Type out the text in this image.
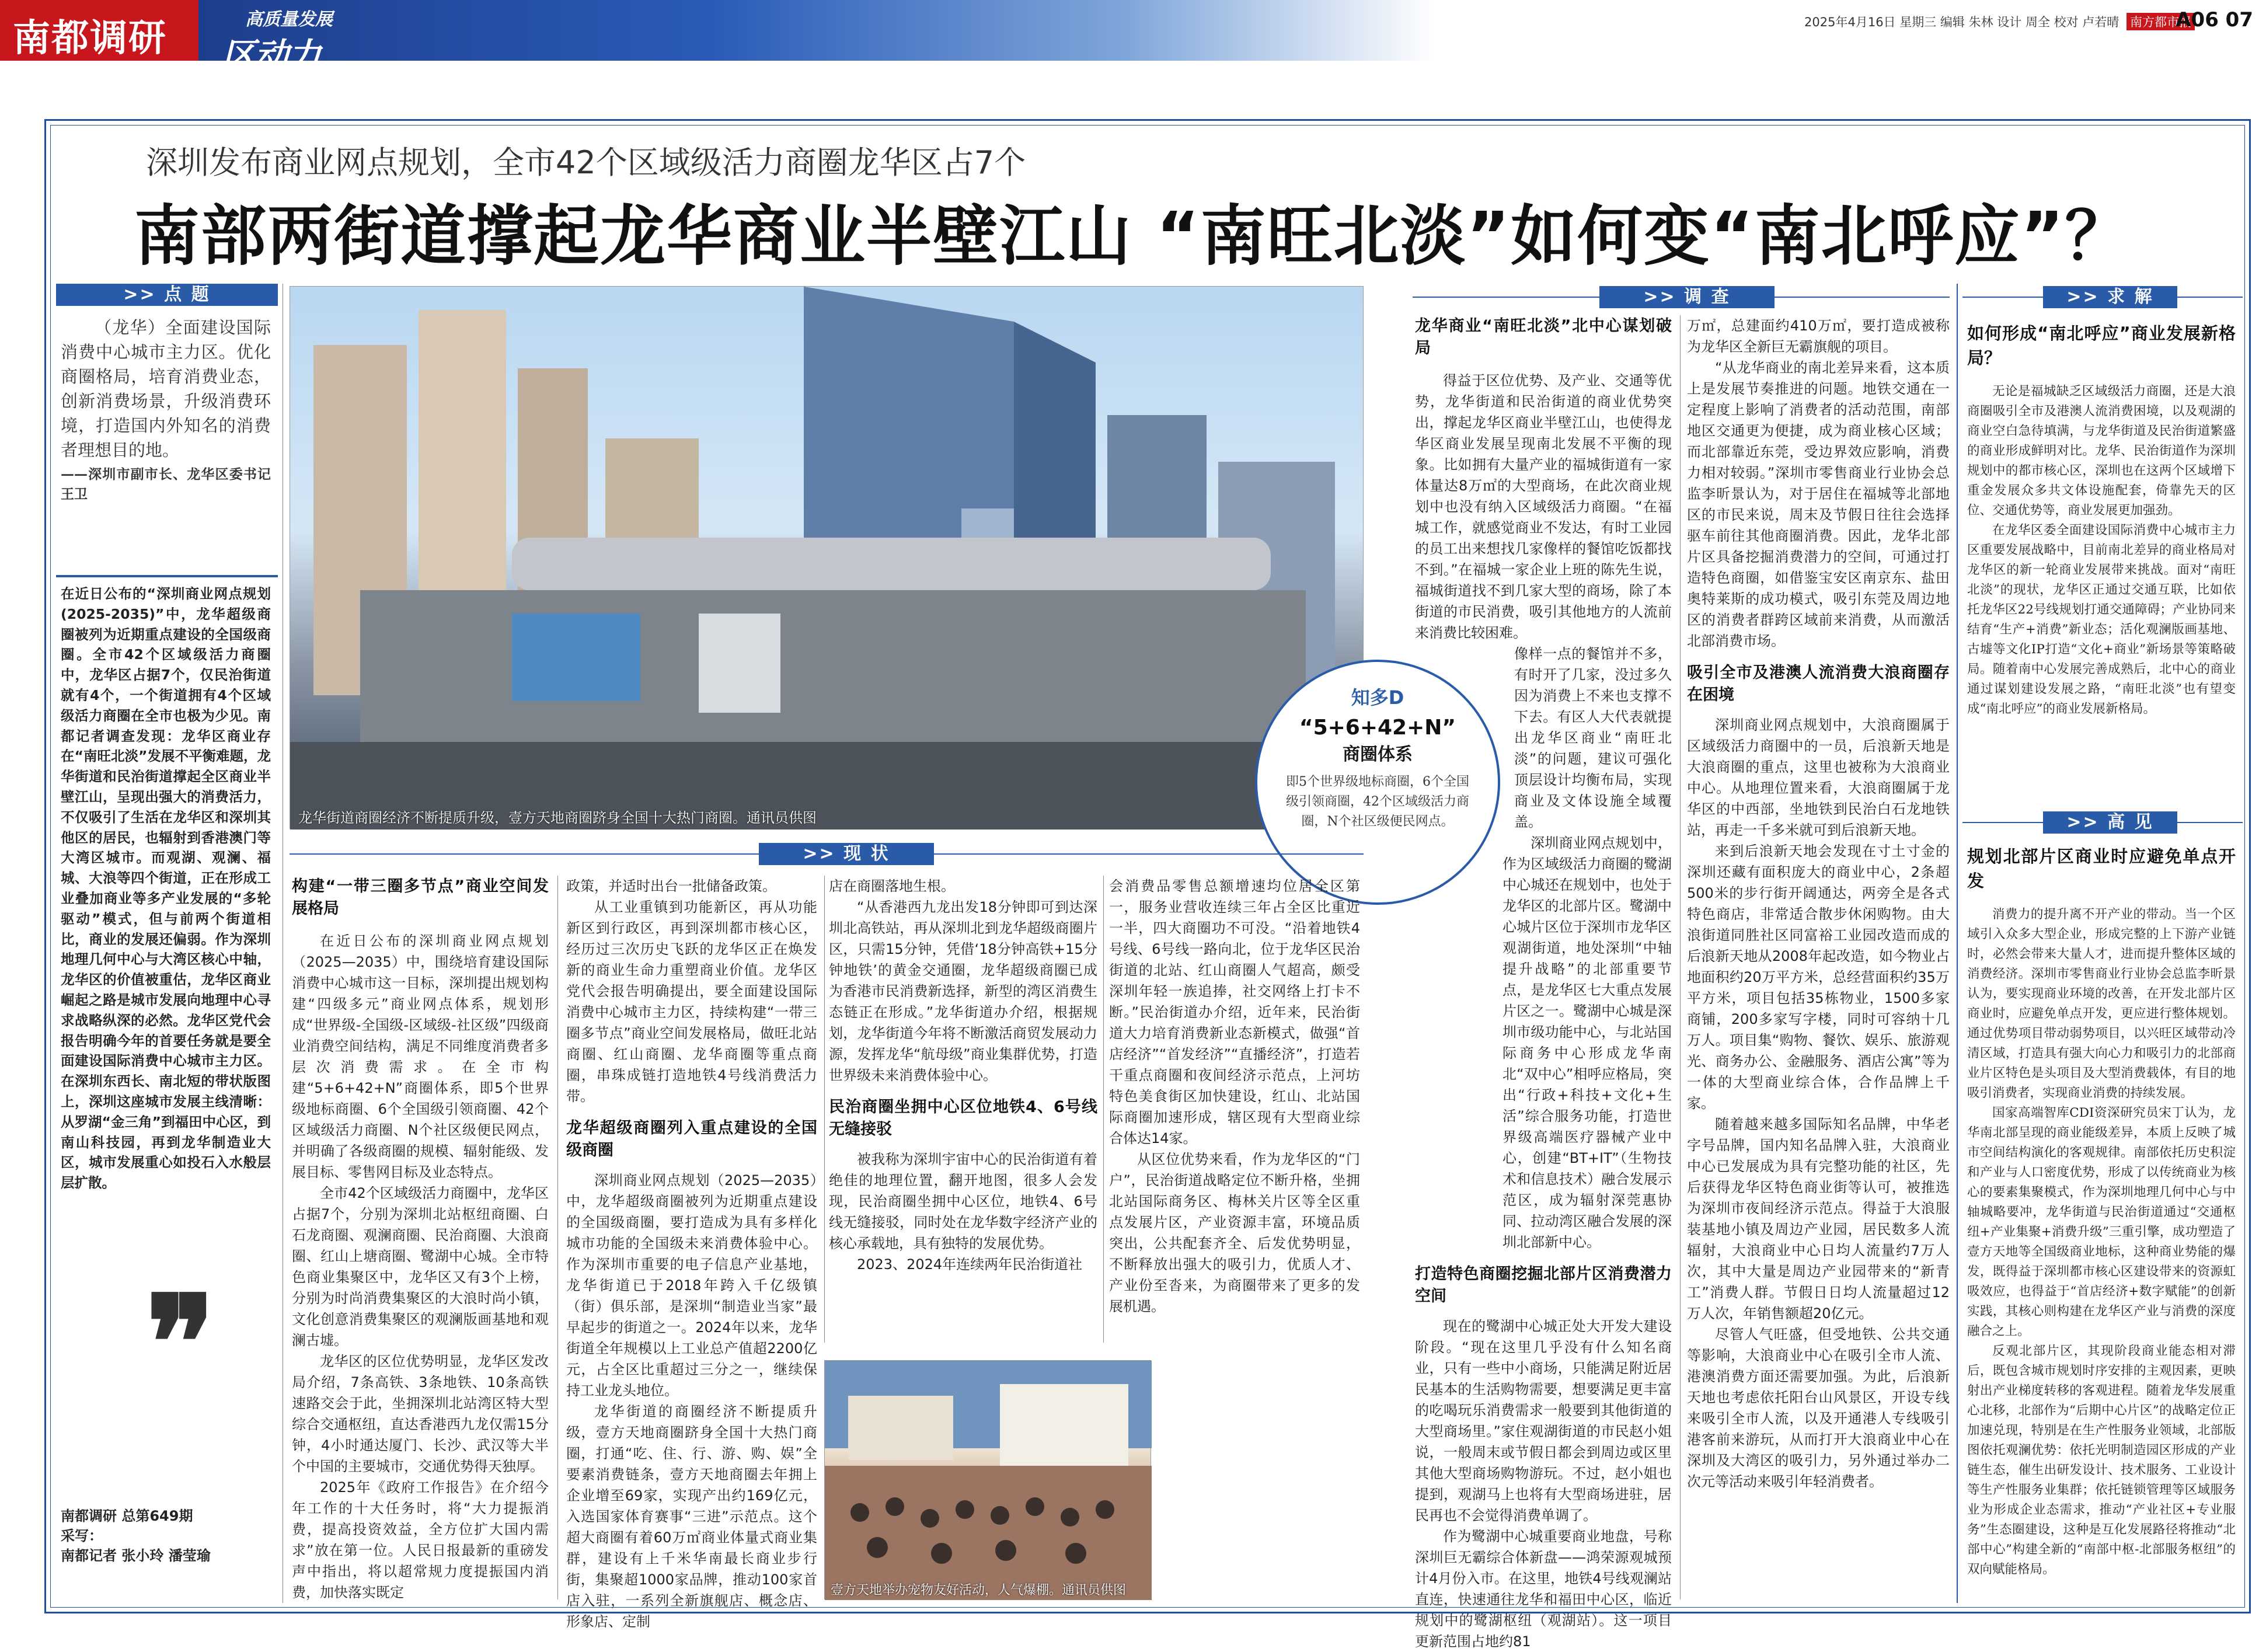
南都调研	高质量发展
区动力
2025年4月16日 星期三 编辑 朱林 设计 周全 校对 卢若晴 南方都市报
A06 07
深圳发布商业网点规划，全市42个区域级活力商圈龙华区占7个
南部两街道撑起龙华商业半壁江山 “南旺北淡”如何变“南北呼应”？
>> 点 题

（龙华）全面建设国际消费中心城市主力区。优化商圈格局，培育消费业态，创新消费场景，升级消费环境，打造国内外知名的消费者理想目的地。

——深圳市副市长、龙华区委书记王卫

在近日公布的“深圳商业网点规划(2025-2035)”中，龙华超级商圈被列为近期重点建设的全国级商圈。全市42个区域级活力商圈中，龙华区占据7个，仅民治街道就有4个，一个街道拥有4个区域级活力商圈在全市也极为少见。南都记者调查发现：龙华区商业存在“南旺北淡”发展不平衡难题，龙华街道和民治街道撑起全区商业半壁江山，呈现出强大的消费活力，不仅吸引了生活在龙华区和深圳其他区的居民，也辐射到香港澳门等大湾区城市。而观湖、观澜、福城、大浪等四个街道，正在形成工业叠加商业等多产业发展的“多轮驱动”模式，但与前两个街道相比，商业的发展还偏弱。作为深圳地理几何中心与大湾区核心中轴，龙华区的价值被重估，龙华区商业崛起之路是城市发展向地理中心寻求战略纵深的必然。龙华区党代会报告明确今年的首要任务就是要全面建设国际消费中心城市主力区。在深圳东西长、南北短的带状版图上，深圳这座城市发展主线清晰：从罗湖“金三角”到福田中心区，到南山科技园，再到龙华制造业大区，城市发展重心如投石入水般层层扩散。

❞

南都调研 总第649期

采写：

南都记者 张小玲 潘莹瑜

龙华街道商圈经济不断提质升级，壹方天地商圈跻身全国十大热门商圈。通讯员供图
知多D
“5+6+42+N”
商圈体系
即5个世界级地标商圈，6个全国级引领商圈，42个区域级活力商圈，N个社区级便民网点。
>> 现 状

构建“一带三圈多节点”商业空间发展格局

在近日公布的深圳商业网点规划（2025—2035）中，围绕培育建设国际消费中心城市这一目标，深圳提出规划构建“四级多元”商业网点体系，规划形成“世界级-全国级-区域级-社区级”四级商业消费空间结构，满足不同维度消费者多层次消费需求。在全市构建“5+6+42+N”商圈体系，即5个世界级地标商圈、6个全国级引领商圈、42个区域级活力商圈、N个社区级便民网点，并明确了各级商圈的规模、辐射能级、发展目标、零售网目标及业态特点。

全市42个区域级活力商圈中，龙华区占据7个，分别为深圳北站枢纽商圈、白石龙商圈、观澜商圈、民治商圈、大浪商圈、红山上塘商圈、鹭湖中心城。全市特色商业集聚区中，龙华区又有3个上榜，分别为时尚消费集聚区的大浪时尚小镇，文化创意消费集聚区的观澜版画基地和观澜古墟。

龙华区的区位优势明显，龙华区发改局介绍，7条高铁、3条地铁、10条高铁速路交会于此，坐拥深圳北站湾区特大型综合交通枢纽，直达香港西九龙仅需15分钟，4小时通达厦门、长沙、武汉等大半个中国的主要城市，交通优势得天独厚。

2025年《政府工作报告》在介绍今年工作的十大任务时，将“大力提振消费，提高投资效益，全方位扩大国内需求”放在第一位。人民日报最新的重磅发声中指出，将以超常规力度提振国内消费，加快落实既定

政策，并适时出台一批储备政策。

从工业重镇到功能新区，再从功能新区到行政区，再到深圳都市核心区，经历过三次历史飞跃的龙华区正在焕发新的商业生命力重塑商业价值。龙华区党代会报告明确提出，要全面建设国际消费中心城市主力区，持续构建“一带三圈多节点”商业空间发展格局，做旺北站商圈、红山商圈、龙华商圈等重点商圈，串珠成链打造地铁4号线消费活力带。

龙华超级商圈列入重点建设的全国级商圈

深圳商业网点规划（2025—2035）中，龙华超级商圈被列为近期重点建设的全国级商圈，要打造成为具有多样化城市功能的全国级未来消费体验中心。作为深圳市重要的电子信息产业基地，龙华街道已于2018年跨入千亿级镇（街）俱乐部，是深圳“制造业当家”最早起步的街道之一。2024年以来，龙华街道全年规模以上工业总产值超2200亿元，占全区比重超过三分之一，继续保持工业龙头地位。

龙华街道的商圈经济不断提质升级，壹方天地商圈跻身全国十大热门商圈，打通“吃、住、行、游、购、娱”全要素消费链条，壹方天地商圈去年拥上企业增至69家，实现产出约169亿元，入选国家体育赛事“三进”示范点。这个超大商圈有着60万㎡商业体量式商业集群，建设有上千米华南最长商业步行街，集聚超1000家品牌，推动100家首店入驻，一系列全新旗舰店、概念店、形象店、定制

店在商圈落地生根。

“从香港西九龙出发18分钟即可到达深圳北高铁站，再从深圳北到龙华超级商圈片区，只需15分钟，凭借‘18分钟高铁+15分钟地铁’的黄金交通圈，龙华超级商圈已成为香港市民消费新选择，新型的湾区消费生态链正在形成。”龙华街道办介绍，根据规划，龙华街道今年将不断激活商贸发展动力源，发挥龙华“航母级”商业集群优势，打造世界级未来消费体验中心。

民治商圈坐拥中心区位地铁4、6号线无缝接驳

被我称为深圳宇宙中心的民治街道有着绝佳的地理位置，翻开地图，很多人会发现，民治商圈坐拥中心区位，地铁4、6号线无缝接驳，同时处在龙华数字经济产业的核心承载地，具有独特的发展优势。

2023、2024年连续两年民治街道社

会消费品零售总额增速均位居全区第一，服务业营收连续三年占全区比重近一半，四大商圈功不可没。“沿着地铁4号线、6号线一路向北，位于龙华区民治街道的北站、红山商圈人气超高，颇受深圳年轻一族追捧，社交网络上打卡不断。”民治街道办介绍，近年来，民治街道大力培育消费新业态新模式，做强“首店经济”“首发经济”“直播经济”，打造若干重点商圈和夜间经济示范点，上河坊特色美食街区加快建设，红山、北站国际商圈加速形成，辖区现有大型商业综合体达14家。

从区位优势来看，作为龙华区的“门户”，民治街道战略定位不断升格，坐拥北站国际商务区、梅林关片区等全区重点发展片区，产业资源丰富，环境品质突出，公共配套齐全、后发优势明显，不断释放出强大的吸引力，优质人才、产业份至沓来，为商圈带来了更多的发展机遇。

壹方天地举办宠物友好活动，人气爆棚。通讯员供图
>> 调 查

龙华商业“南旺北淡”北中心谋划破局

得益于区位优势、及产业、交通等优势，龙华街道和民治街道的商业优势突出，撑起龙华区商业半壁江山，也使得龙华区商业发展呈现南北发展不平衡的现象。比如拥有大量产业的福城街道有一家体量达8万㎡的大型商场，在此次商业规划中也没有纳入区域级活力商圈。“在福城工作，就感觉商业不发达，有时工业园的员工出来想找几家像样的餐馆吃饭都找不到。”在福城一家企业上班的陈先生说，福城街道找不到几家大型的商场，除了本街道的市民消费，吸引其他地方的人流前来消费比较困难。

像样一点的餐馆并不多，有时开了几家，没过多久因为消费上不来也支撑不下去。有区人大代表就提出龙华区商业“南旺北淡”的问题，建议可强化顶层设计均衡布局，实现商业及文体设施全域覆盖。

深圳商业网点规划中，作为区域级活力商圈的鹭湖中心城还在规划中，也处于龙华区的北部片区。鹭湖中心城片区位于深圳市龙华区观湖街道，地处深圳“中轴提升战略”的北部重要节点，是龙华区七大重点发展片区之一。鹭湖中心城是深圳市级功能中心，与北站国际商务中心形成龙华南北“双中心”相呼应格局，突出“行政+科技+文化+生活”综合服务功能，打造世界级高端医疗器械产业中心，创建“BT+IT”（生物技术和信息技术）融合发展示范区，成为辐射深莞惠协同、拉动湾区融合发展的深圳北部新中心。

打造特色商圈挖掘北部片区消费潜力空间

现在的鹭湖中心城正处大开发大建设阶段。“现在这里几乎没有什么知名商业，只有一些中小商场，只能满足附近居民基本的生活购物需要，想要满足更丰富的吃喝玩乐消费需求一般要到其他街道的大型商场里。”家住观湖街道的市民赵小姐说，一般周末或节假日都会到周边或区里其他大型商场购物游玩。不过，赵小姐也提到，观湖马上也将有大型商场进驻，居民再也不会觉得消费单调了。

作为鹭湖中心城重要商业地盘，号称深圳巨无霸综合体新盘——鸿荣源观城预计4月份入市。在这里，地铁4号线观澜站直连，快速通往龙华和福田中心区，临近规划中的鹭湖枢纽（观湖站）。这一项目更新范围占地约81

万㎡，总建面约410万㎡，要打造成被称为龙华区全新巨无霸旗舰的项目。

“从龙华商业的南北差异来看，这本质上是发展节奏推进的问题。地铁交通在一定程度上影响了消费者的活动范围，南部地区交通更为便捷，成为商业核心区域；而北部靠近东莞，受边界效应影响，消费力相对较弱。”深圳市零售商业行业协会总监李昕景认为，对于居住在福城等北部地区的市民来说，周末及节假日往往会选择驱车前往其他商圈消费。因此，龙华北部片区具备挖掘消费潜力的空间，可通过打造特色商圈，如借鉴宝安区南京东、盐田奥特莱斯的成功模式，吸引东莞及周边地区的消费者群跨区域前来消费，从而激活北部消费市场。

吸引全市及港澳人流消费大浪商圈存在困境

深圳商业网点规划中，大浪商圈属于区域级活力商圈中的一员，后浪新天地是大浪商圈的重点，这里也被称为大浪商业中心。从地理位置来看，大浪商圈属于龙华区的中西部，坐地铁到民治白石龙地铁站，再走一千多米就可到后浪新天地。

来到后浪新天地会发现在寸土寸金的深圳还藏有面积庞大的商业中心，2条超500米的步行街开阔通达，两旁全是各式特色商店，非常适合散步休闲购物。由大浪街道同胜社区同富裕工业园改造而成的后浪新天地从2008年起改造，如今物业占地面积约20万平方米，总经营面积约35万平方米，项目包括35栋物业，1500多家商铺，200多家写字楼，同时可容纳十几万人。项目集“购物、餐饮、娱乐、旅游观光、商务办公、金融服务、酒店公寓”等为一体的大型商业综合体，合作品牌上千家。

随着越来越多国际知名品牌，中华老字号品牌，国内知名品牌入驻，大浪商业中心已发展成为具有完整功能的社区，先后获得龙华区特色商业街等认可，被推选为深圳市夜间经济示范点。得益于大浪服装基地小镇及周边产业园，居民数多人流辐射，大浪商业中心日均人流量约7万人次，其中大量是周边产业园带来的“新青工”消费人群。节假日日均人流量超过12万人次，年销售额超20亿元。

尽管人气旺盛，但受地铁、公共交通等影响，大浪商业中心在吸引全市人流、港澳消费方面还需要加强。为此，后浪新天地也考虑依托阳台山风景区，开设专线来吸引全市人流，以及开通港人专线吸引港客前来游玩，从而打开大浪商业中心在深圳及大湾区的吸引力，另外通过举办二次元等活动来吸引年轻消费者。

>> 求 解

如何形成“南北呼应”商业发展新格局？

无论是福城缺乏区域级活力商圈，还是大浪商圈吸引全市及港澳人流消费困境，以及观湖的商业空白急待填满，与龙华街道及民治街道繁盛的商业形成鲜明对比。龙华、民治街道作为深圳规划中的都市核心区，深圳也在这两个区域增下重金发展众多共文体设施配套，倚靠先天的区位、交通优势等，商业发展更加强劲。

在龙华区委全面建设国际消费中心城市主力区重要发展战略中，目前南北差异的商业格局对龙华区的新一轮商业发展带来挑战。面对“南旺北淡”的现状，龙华区正通过交通互联，比如依托龙华区22号线规划打通交通障碍；产业协同来结育“生产+消费”新业态；活化观澜版画基地、古墟等文化IP打造“文化+商业”新场景等策略破局。随着南中心发展完善成熟后，北中心的商业通过谋划建设发展之路，“南旺北淡”也有望变成“南北呼应”的商业发展新格局。

>> 高 见

规划北部片区商业时应避免单点开发

消费力的提升离不开产业的带动。当一个区域引入众多大型企业，形成完整的上下游产业链时，必然会带来大量人才，进而提升整体区域的消费经济。深圳市零售商业行业协会总监李昕景认为，要实现商业环境的改善，在开发北部片区商业时，应避免单点开发，更应进行整体规划。通过优势项目带动弱势项目，以兴旺区域带动冷清区域，打造具有强大向心力和吸引力的北部商业片区特色是头项目及大型消费载体，有目的地吸引消费者，实现商业消费的持续发展。

国家高端智库CDI资深研究员宋丁认为，龙华南北部呈现的商业能级差异，本质上反映了城市空间结构演化的客观规律。南部依托历史积淀和产业与人口密度优势，形成了以传统商业为核心的要素集聚模式，作为深圳地理几何中心与中轴城略要冲，龙华街道与民治街道通过“交通枢纽+产业集聚+消费升级”三重引擎，成功塑造了壹方天地等全国级商业地标，这种商业势能的爆发，既得益于深圳都市核心区建设带来的资源虹吸效应，也得益于“首店经济+数字赋能”的创新实践，其核心则构建在龙华区产业与消费的深度融合之上。

反观北部片区，其现阶段商业能态相对滞后，既包含城市规划时序安排的主观因素，更映射出产业梯度转移的客观进程。随着龙华发展重心北移，北部作为“后期中心片区”的战略定位正加速兑现，特别是在生产性服务业领域，北部版图依托观澜优势：依托光明制造园区形成的产业链生态，催生出研发设计、技术服务、工业设计等生产性服务业集群；依托链锁管理等区域服务业为形成企业态需求，推动“产业社区+专业服务”生态圈建设，这种是互化发展路径将推动“北部中心”构建全新的“南部中枢-北部服务枢纽”的双向赋能格局。
